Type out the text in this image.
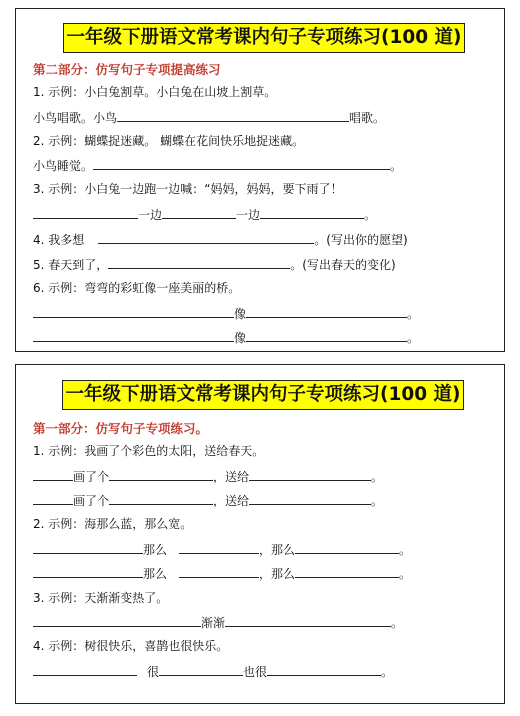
一年级下册语文常考课内句子专项练习(100 道)
第二部分：仿写句子专项提高练习
1. 示例：小白兔割草。小白兔在山坡上割草。
小鸟唱歌。小鸟	唱歌。
2. 示例：蝴蝶捉迷藏。 蝴蝶在花间快乐地捉迷藏。
小鸟睡觉。	。
3. 示例：小白兔一边跑一边喊：“妈妈，妈妈，要下雨了！
一边	一边	。
4. 我多想	。(写出你的愿望)
5. 春天到了，	。(写出春天的变化)
6. 示例：弯弯的彩虹像一座美丽的桥。
像	。
像	。
一年级下册语文常考课内句子专项练习(100 道)
第一部分：仿写句子专项练习。
1. 示例：我画了个彩色的太阳，送给春天。
画了个	，送给	。
画了个	，送给	。
2. 示例：海那么蓝，那么宽。
那么	，那么	。
那么	，那么	。
3. 示例：天渐渐变热了。
渐渐	。
4. 示例：树很快乐，喜鹊也很快乐。
很	也很	。
